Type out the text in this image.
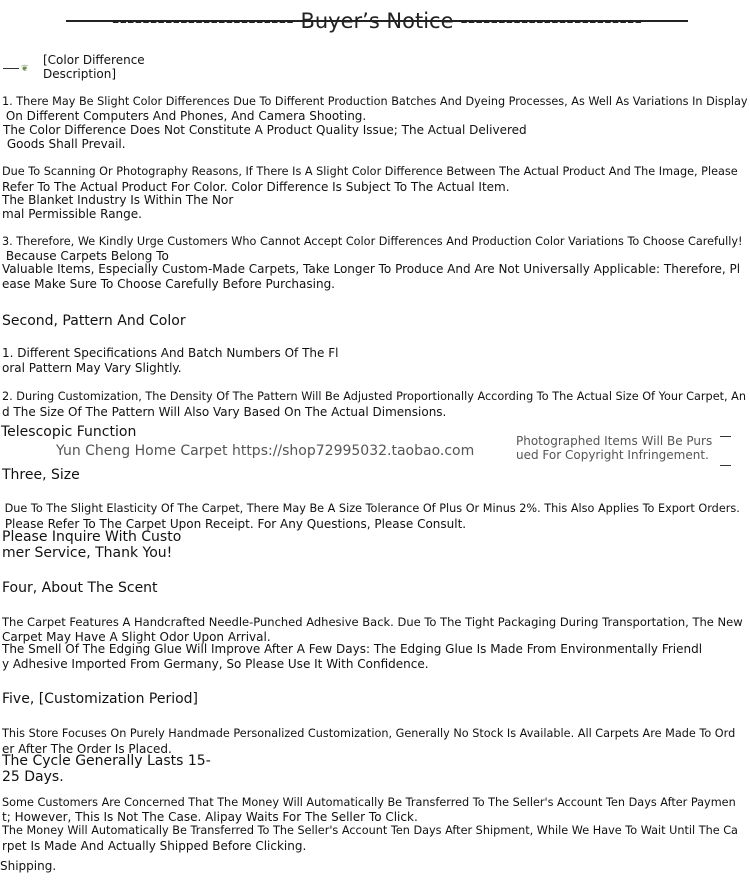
------------------------ Buyer’s Notice ------------------------
❦
[Color Difference
Description]
1. There May Be Slight Color Differences Due To Different Production Batches And Dyeing Processes, As Well As Variations In Display
On Different Computers And Phones, And Camera Shooting.
The Color Difference Does Not Constitute A Product Quality Issue; The Actual Delivered
Goods Shall Prevail.
Due To Scanning Or Photography Reasons, If There Is A Slight Color Difference Between The Actual Product And The Image, Please
Refer To The Actual Product For Color. Color Difference Is Subject To The Actual Item.
The Blanket Industry Is Within The Nor
mal Permissible Range.
3. Therefore, We Kindly Urge Customers Who Cannot Accept Color Differences And Production Color Variations To Choose Carefully!
Because Carpets Belong To
Valuable Items, Especially Custom-Made Carpets, Take Longer To Produce And Are Not Universally Applicable: Therefore, Pl
ease Make Sure To Choose Carefully Before Purchasing.
Second, Pattern And Color
1. Different Specifications And Batch Numbers Of The Fl
oral Pattern May Vary Slightly.
2. During Customization, The Density Of The Pattern Will Be Adjusted Proportionally According To The Actual Size Of Your Carpet, An
d The Size Of The Pattern Will Also Vary Based On The Actual Dimensions.
Telescopic Function
Yun Cheng Home Carpet https://shop72995032.taobao.com
Photographed Items Will Be Purs
ued For Copyright Infringement.
Three, Size
Due To The Slight Elasticity Of The Carpet, There May Be A Size Tolerance Of Plus Or Minus 2%. This Also Applies To Export Orders.
Please Refer To The Carpet Upon Receipt. For Any Questions, Please Consult.
Please Inquire With Custo
mer Service, Thank You!
Four, About The Scent
The Carpet Features A Handcrafted Needle-Punched Adhesive Back. Due To The Tight Packaging During Transportation, The New
Carpet May Have A Slight Odor Upon Arrival.
The Smell Of The Edging Glue Will Improve After A Few Days: The Edging Glue Is Made From Environmentally Friendl
y Adhesive Imported From Germany, So Please Use It With Confidence.
Five, [Customization Period]
This Store Focuses On Purely Handmade Personalized Customization, Generally No Stock Is Available. All Carpets Are Made To Ord
er After The Order Is Placed.
The Cycle Generally Lasts 15-
25 Days.
Some Customers Are Concerned That The Money Will Automatically Be Transferred To The Seller's Account Ten Days After Paymen
t; However, This Is Not The Case. Alipay Waits For The Seller To Click.
The Money Will Automatically Be Transferred To The Seller's Account Ten Days After Shipment, While We Have To Wait Until The Ca
rpet Is Made And Actually Shipped Before Clicking.
Shipping.
